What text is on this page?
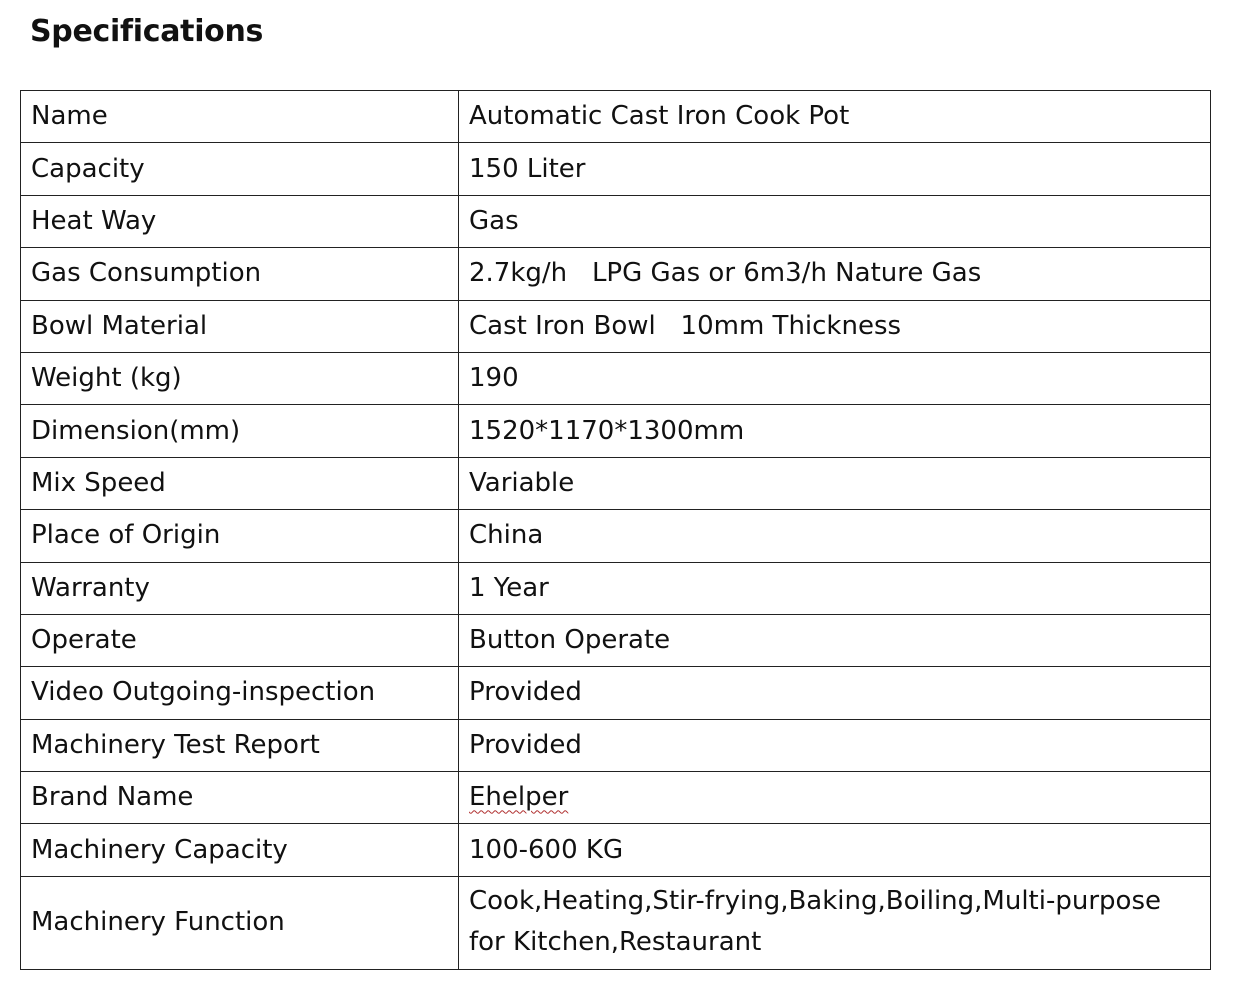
Specifications
Name	Automatic Cast Iron Cook Pot
Capacity	150 Liter
Heat Way	Gas
Gas Consumption	2.7kg/h   LPG Gas or 6m3/h Nature Gas
Bowl Material	Cast Iron Bowl   10mm Thickness
Weight (kg)	190
Dimension(mm)	1520*1170*1300mm
Mix Speed	Variable
Place of Origin	China
Warranty	1 Year
Operate	Button Operate
Video Outgoing-inspection	Provided
Machinery Test Report	Provided
Brand Name	Ehelper
Machinery Capacity	100-600 KG
Machinery Function	Cook,Heating,Stir-frying,Baking,Boiling,Multi-purpose for Kitchen,Restaurant
